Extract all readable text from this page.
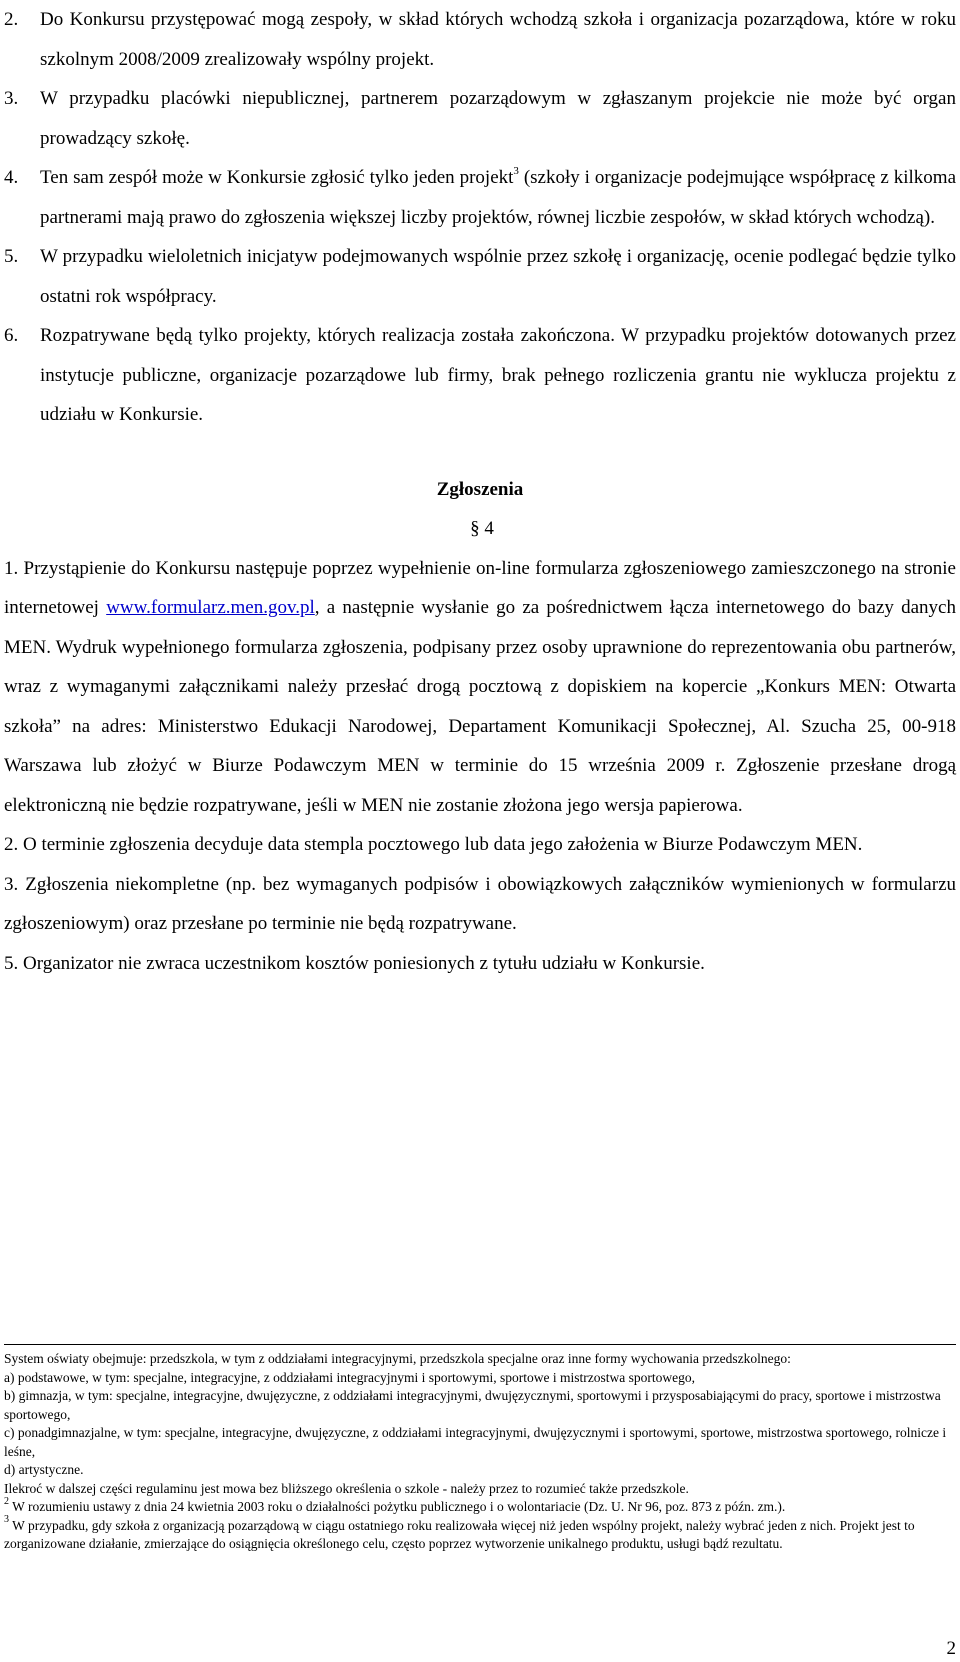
2.	Do Konkursu przystępować mogą zespoły, w skład których wchodzą szkoła i organizacja pozarządowa, które w roku szkolnym 2008/2009 zrealizowały wspólny projekt.
3.	W przypadku placówki niepublicznej, partnerem pozarządowym w zgłaszanym projekcie nie może być organ prowadzący szkołę.
4.	Ten sam zespół może w Konkursie zgłosić tylko jeden projekt$^3$ (szkoły i organizacje podejmujące współpracę z kilkoma partnerami mają prawo do zgłoszenia większej liczby projektów, równej liczbie zespołów, w skład których wchodzą).
5.	W przypadku wieloletnich inicjatyw podejmowanych wspólnie przez szkołę i organizację, ocenie podlegać będzie tylko ostatni rok współpracy.
6.	Rozpatrywane będą tylko projekty, których realizacja została zakończona. W przypadku projektów dotowanych przez instytucje publiczne, organizacje pozarządowe lub firmy, brak pełnego rozliczenia grantu nie wyklucza projektu z udziału w Konkursie.
Zgłoszenia
§ 4
1. Przystąpienie do Konkursu następuje poprzez wypełnienie on-line formularza zgłoszeniowego zamieszczonego na stronie internetowej www.formularz.men.gov.pl, a następnie wysłanie go za pośrednictwem łącza internetowego do bazy danych MEN. Wydruk wypełnionego formularza zgłoszenia, podpisany przez osoby uprawnione do reprezentowania obu partnerów, wraz z wymaganymi załącznikami należy przesłać drogą pocztową z dopiskiem na kopercie „Konkurs MEN: Otwarta szkoła” na adres: Ministerstwo Edukacji Narodowej, Departament Komunikacji Społecznej, Al. Szucha 25, 00-918 Warszawa lub złożyć w Biurze Podawczym MEN w terminie do 15 września 2009 r. Zgłoszenie przesłane drogą elektroniczną nie będzie rozpatrywane, jeśli w MEN nie zostanie złożona jego wersja papierowa.
2. O terminie zgłoszenia decyduje data stempla pocztowego lub data jego założenia w Biurze Podawczym MEN.
3. Zgłoszenia niekompletne (np. bez wymaganych podpisów i obowiązkowych załączników wymienionych w formularzu zgłoszeniowym) oraz przesłane po terminie nie będą rozpatrywane.
5. Organizator nie zwraca uczestnikom kosztów poniesionych z tytułu udziału w Konkursie.

System oświaty obejmuje: przedszkola, w tym z oddziałami integracyjnymi, przedszkola specjalne oraz inne formy wychowania przedszkolnego:

a) podstawowe, w tym: specjalne, integracyjne, z oddziałami integracyjnymi i sportowymi, sportowe i mistrzostwa sportowego,

b) gimnazja, w tym: specjalne, integracyjne, dwujęzyczne, z oddziałami integracyjnymi, dwujęzycznymi, sportowymi i przysposabiającymi do pracy, sportowe i mistrzostwa sportowego,

c) ponadgimnazjalne, w tym: specjalne, integracyjne, dwujęzyczne, z oddziałami integracyjnymi, dwujęzycznymi i sportowymi, sportowe, mistrzostwa sportowego, rolnicze i leśne,

d) artystyczne.

Ilekroć w dalszej części regulaminu jest mowa bez bliższego określenia o szkole - należy przez to rozumieć także przedszkole.

$^2$ W rozumieniu ustawy z dnia 24 kwietnia 2003 roku o działalności pożytku publicznego i o wolontariacie (Dz. U. Nr 96, poz. 873 z późn. zm.).

$^3$ W przypadku, gdy szkoła z organizacją pozarządową w ciągu ostatniego roku realizowała więcej niż jeden wspólny projekt, należy wybrać jeden z nich. Projekt jest to zorganizowane działanie, zmierzające do osiągnięcia określonego celu, często poprzez wytworzenie unikalnego produktu, usługi bądź rezultatu.

2
